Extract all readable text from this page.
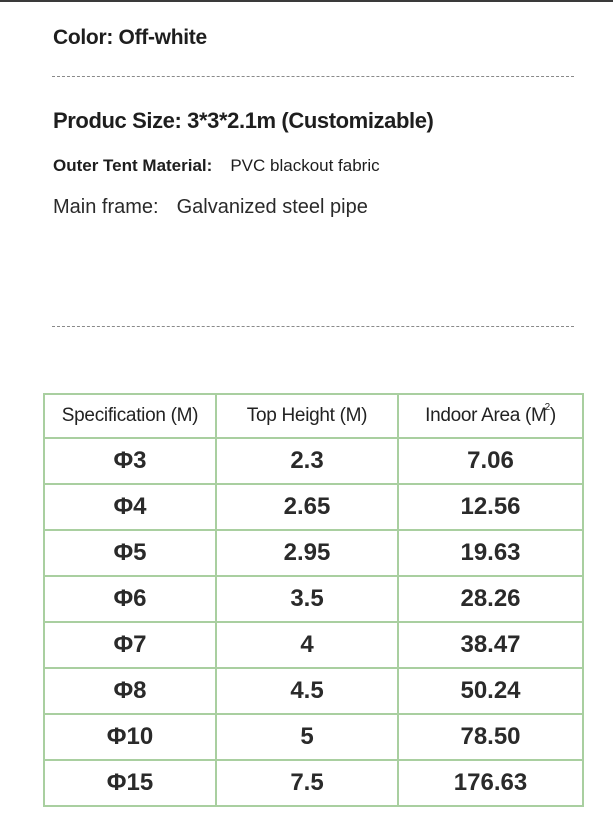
Color: Off-white
Produc Size: 3*3*2.1m (Customizable)
Outer Tent Material: PVC blackout fabric
Main frame: Galvanized steel pipe
Specification (M)	Top Height (M)	Indoor Area $(M^2)$
Φ3	2.3	7.06
Φ4	2.65	12.56
Φ5	2.95	19.63
Φ6	3.5	28.26
Φ7	4	38.47
Φ8	4.5	50.24
Φ10	5	78.50
Φ15	7.5	176.63
